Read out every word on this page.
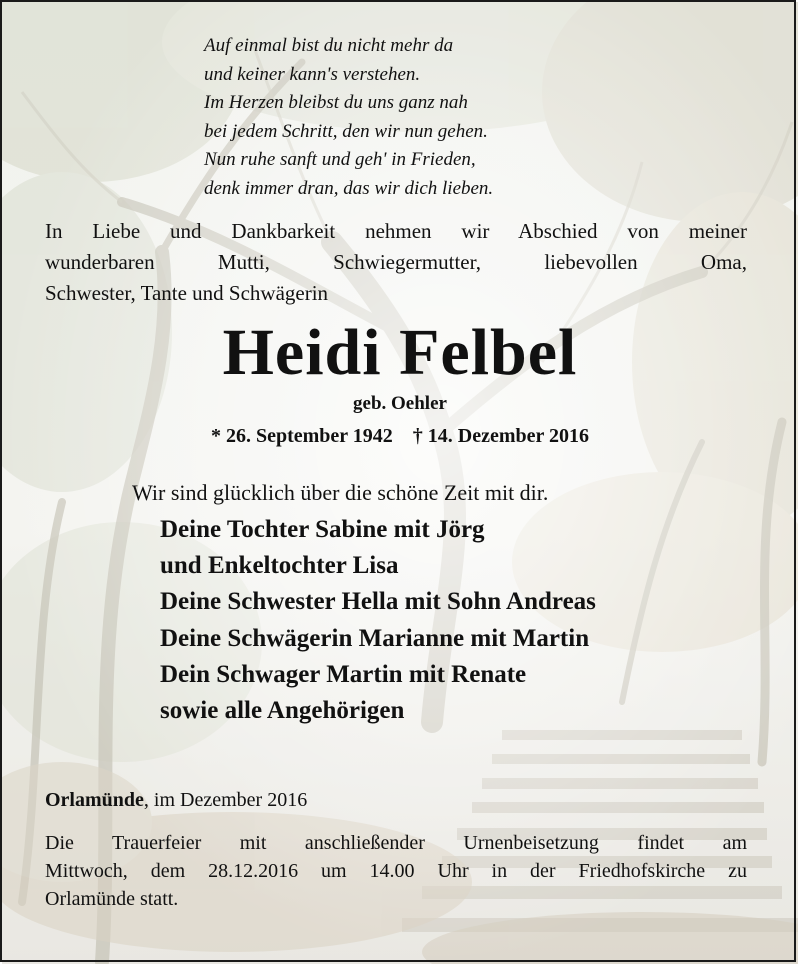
Auf einmal bist du nicht mehr da
und keiner kann's verstehen.
Im Herzen bleibst du uns ganz nah
bei jedem Schritt, den wir nun gehen.
Nun ruhe sanft und geh' in Frieden,
denk immer dran, das wir dich lieben.
In Liebe und Dankbarkeit nehmen wir Abschied von meiner
wunderbaren Mutti, Schwiegermutter, liebevollen Oma,
Schwester, Tante und Schwägerin
Heidi Felbel
geb. Oehler
* 26. September 1942 † 14. Dezember 2016
Wir sind glücklich über die schöne Zeit mit dir.
Deine Tochter Sabine mit Jörg
und Enkeltochter Lisa
Deine Schwester Hella mit Sohn Andreas
Deine Schwägerin Marianne mit Martin
Dein Schwager Martin mit Renate
sowie alle Angehörigen
Orlamünde, im Dezember 2016
Die Trauerfeier mit anschließender Urnenbeisetzung findet am
Mittwoch, dem 28.12.2016 um 14.00 Uhr in der Friedhofskirche zu
Orlamünde statt.
